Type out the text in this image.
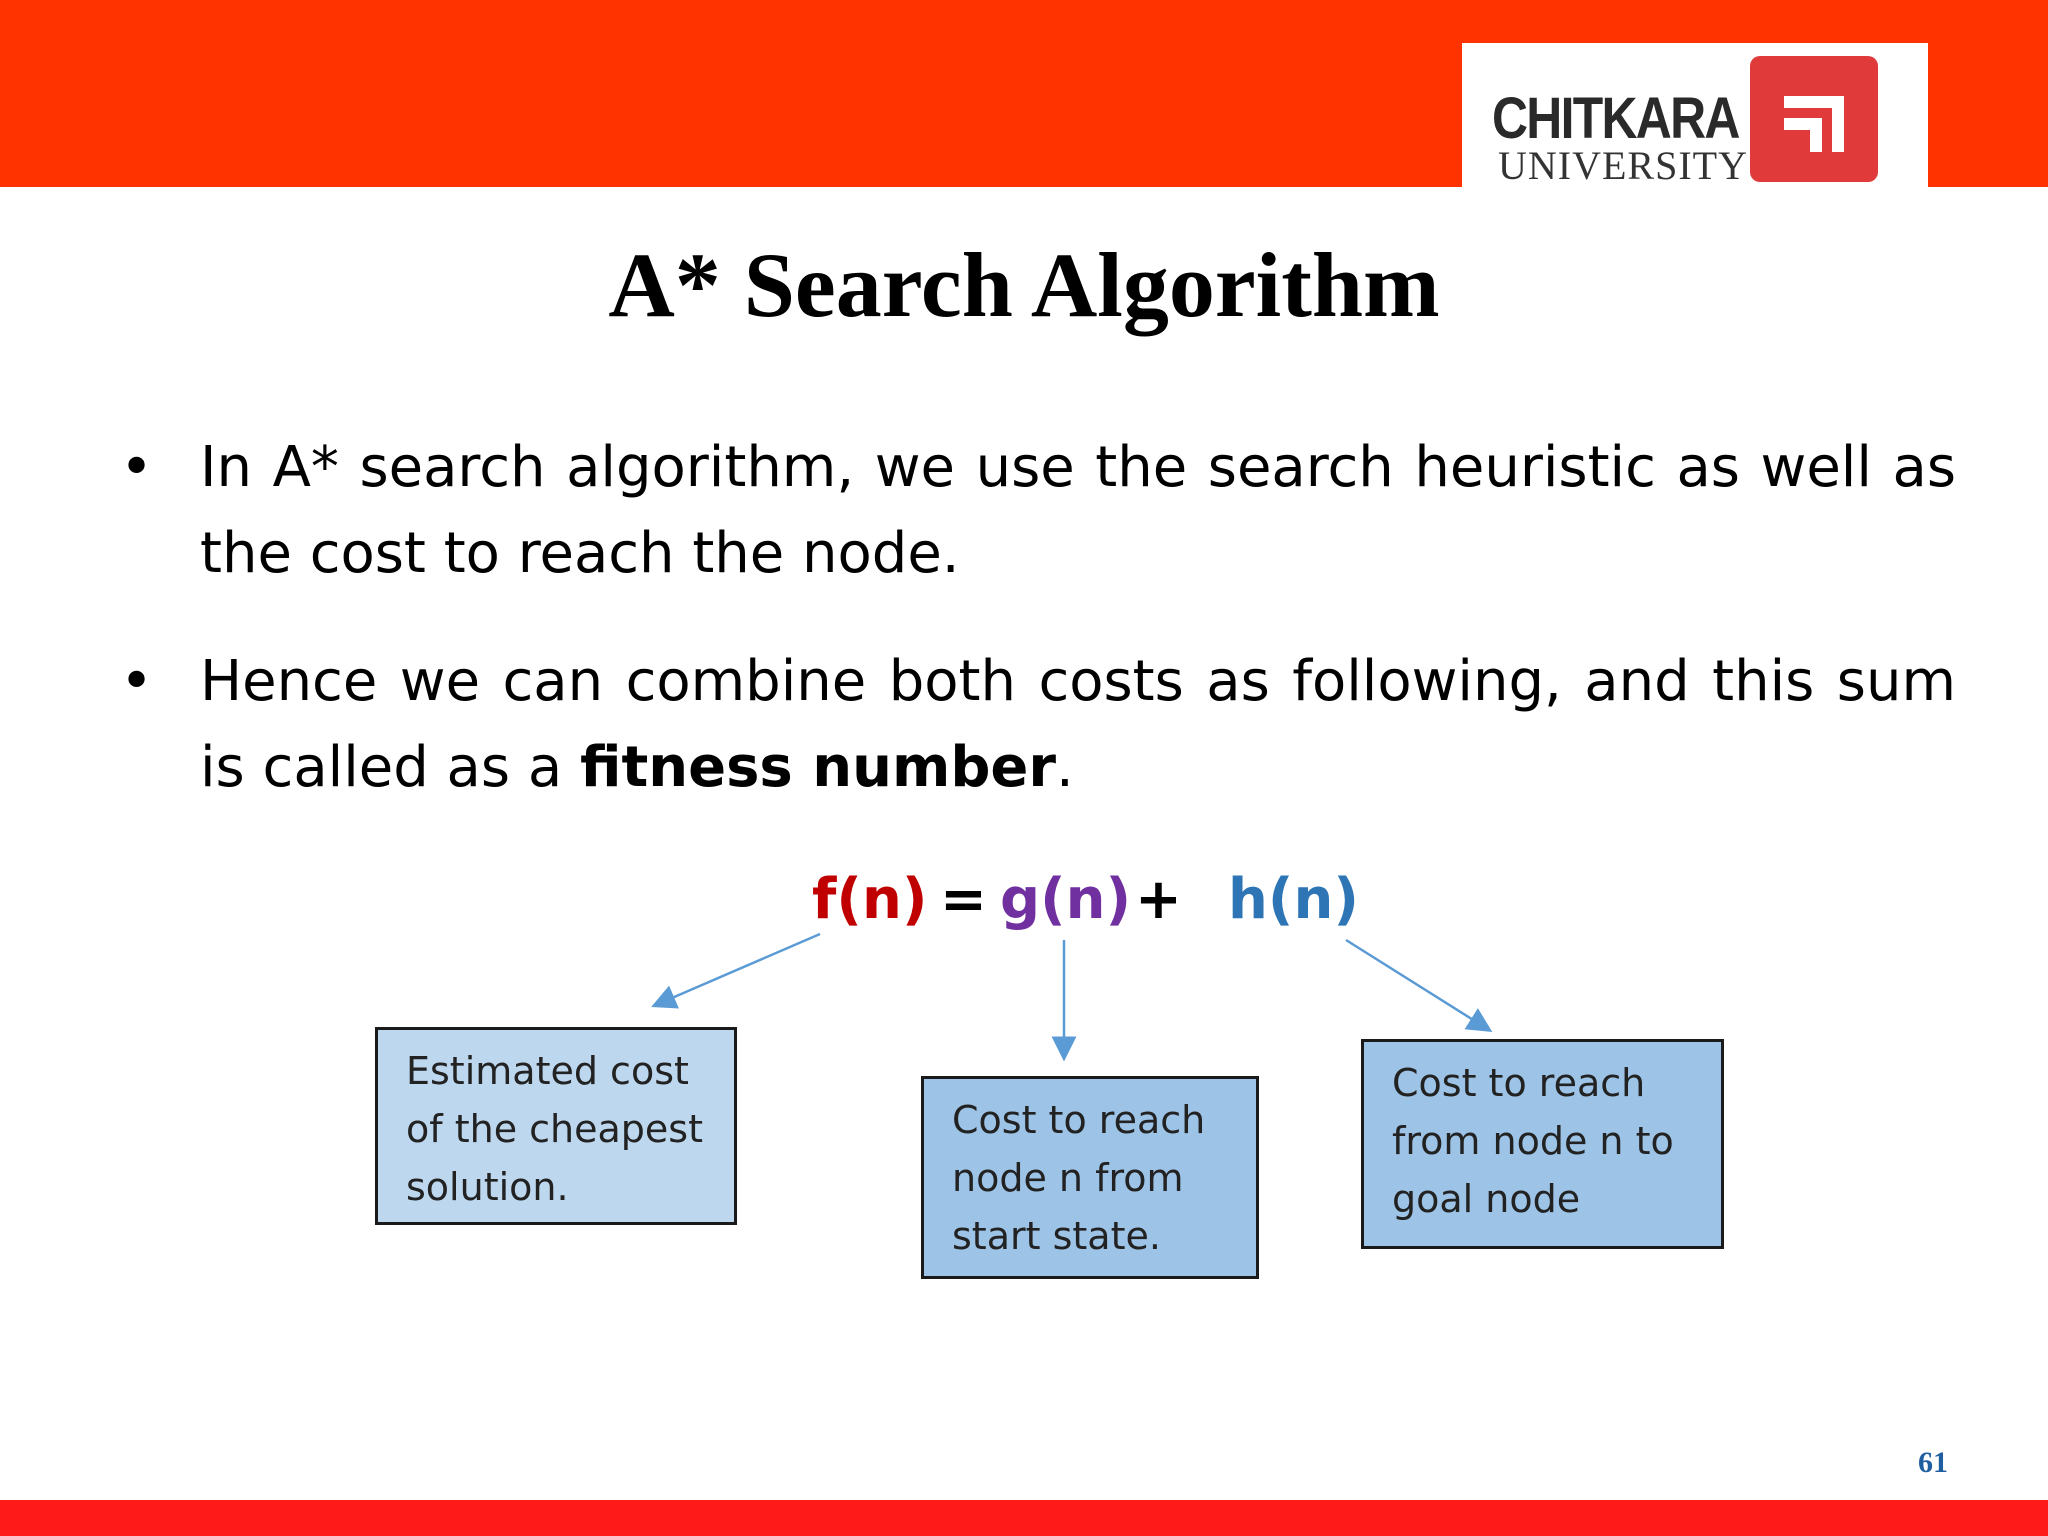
CHITKARA
UNIVERSITY
A* Search Algorithm
• In A* search algorithm, we use the search heuristic as well as the cost to reach the node.
• Hence we can combine both costs as following, and this sum is called as a fitness number.
f(n) = g(n) + h(n)
Estimated cost
of the cheapest
solution.
Cost to reach
node n from
start state.
Cost to reach
from node n to
goal node
61
